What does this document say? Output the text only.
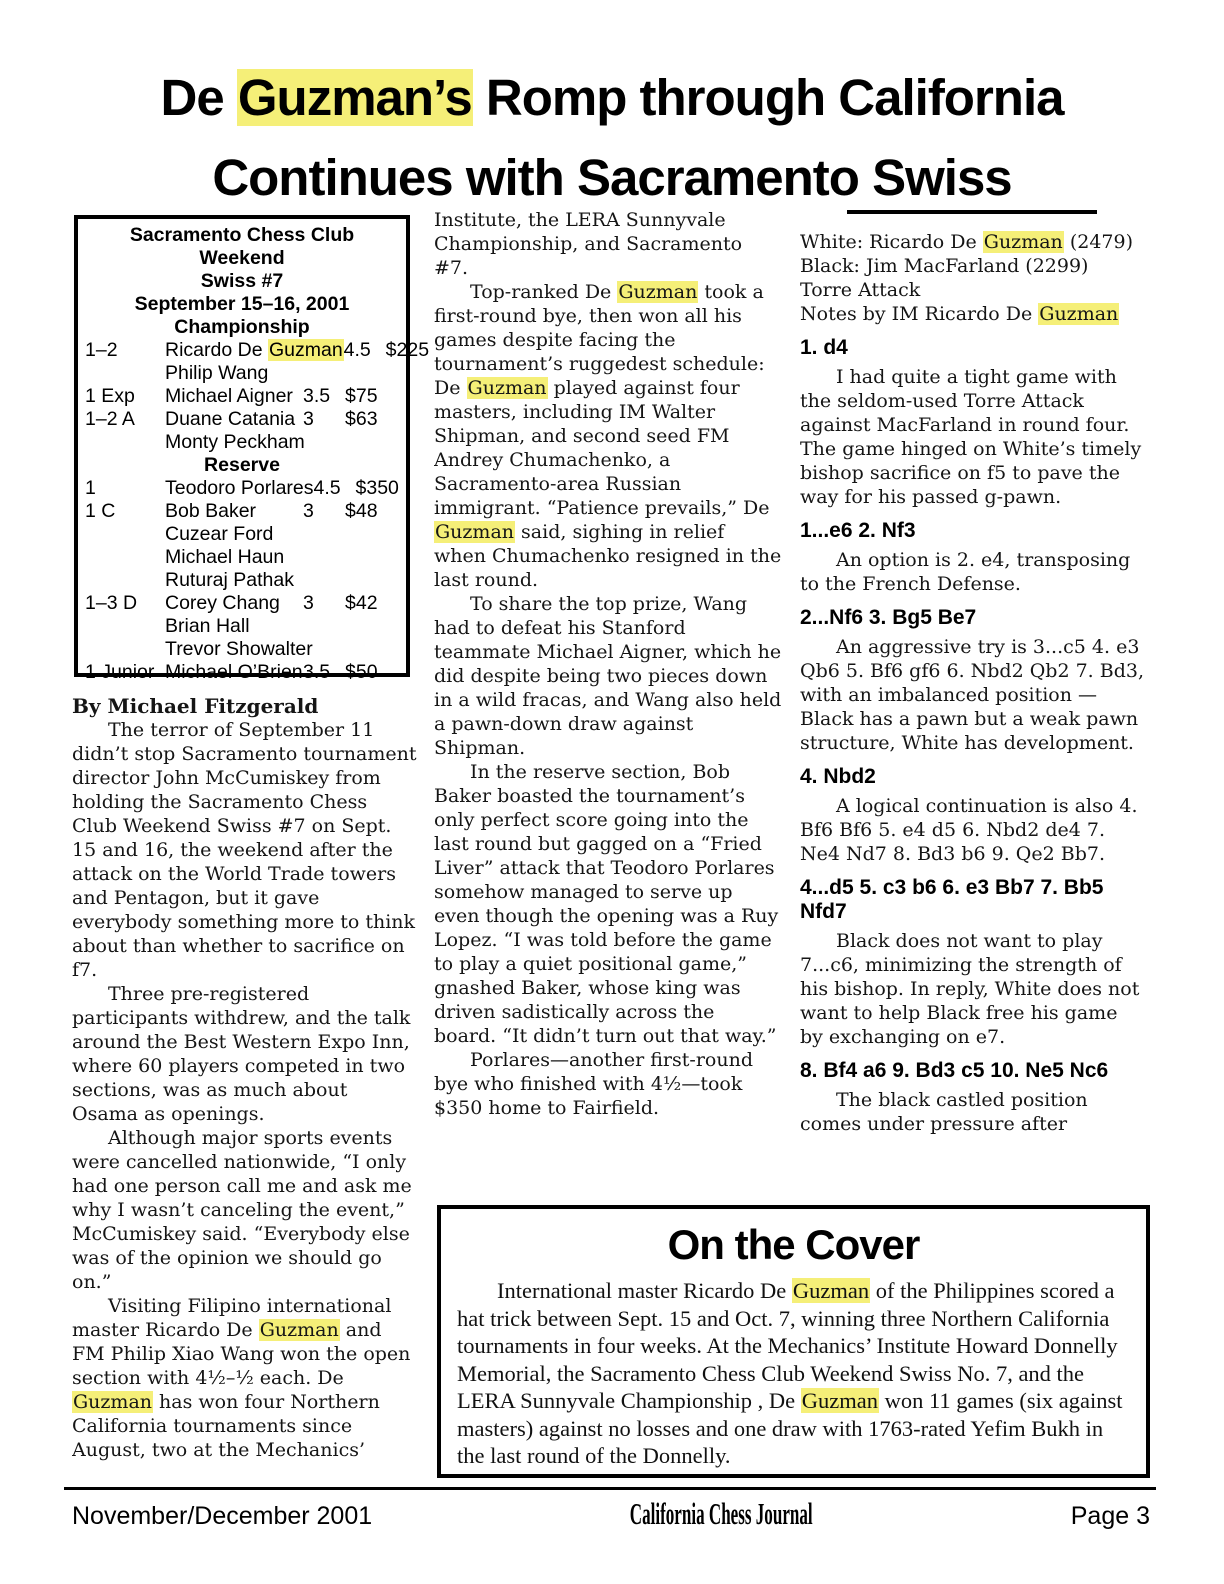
De Guzman’s Romp through California
Continues with Sacramento Swiss
Sacramento Chess Club Weekend
Swiss #7
September 15–16, 2001
Championship
1–2	Ricardo De Guzman 4.5 $225
Philip Wang
1 Exp	Michael Aigner 3.5 $75
1–2 A	Duane Catania 3	$63
Monty Peckham
Reserve
1	Teodoro Porlares 4.5 $350
1 C	Bob Baker	3	$48
Cuzear Ford
Michael Haun
Ruturaj Pathak
1–3 D	Corey Chang	3	$42
Brian Hall
Trevor Showalter
1 Junior Michael O’Brien 3.5 $50
By Michael Fitzgerald
The terror of September 11 didn’t stop Sacramento tournament director John McCumiskey from holding the Sacramento Chess Club Weekend Swiss #7 on Sept. 15 and 16, the weekend after the attack on the World Trade towers and Pentagon, but it gave everybody something more to think about than whether to sacrifice on f7.
Three pre-registered participants withdrew, and the talk around the Best Western Expo Inn, where 60 players competed in two sections, was as much about Osama as openings.
Although major sports events were cancelled nationwide, “I only had one person call me and ask me why I wasn’t canceling the event,” McCumiskey said. “Everybody else was of the opinion we should go on.”
Visiting Filipino international master Ricardo De Guzman and FM Philip Xiao Wang won the open section with 4½–½ each. De Guzman has won four Northern California tournaments since August, two at the Mechanics’
Institute, the LERA Sunnyvale Championship, and Sacramento #7.
Top-ranked De Guzman took a first-round bye, then won all his games despite facing the tournament’s ruggedest schedule: De Guzman played against four masters, including IM Walter Shipman, and second seed FM Andrey Chumachenko, a Sacramento-area Russian immigrant. “Patience prevails,” De Guzman said, sighing in relief when Chumachenko resigned in the last round.
To share the top prize, Wang had to defeat his Stanford teammate Michael Aigner, which he did despite being two pieces down in a wild fracas, and Wang also held a pawn-down draw against Shipman.
In the reserve section, Bob Baker boasted the tournament’s only perfect score going into the last round but gagged on a “Fried Liver” attack that Teodoro Porlares somehow managed to serve up even though the opening was a Ruy Lopez. “I was told before the game to play a quiet positional game,” gnashed Baker, whose king was driven sadistically across the board. “It didn’t turn out that way.”
Porlares—another first-round bye who finished with 4½—took $350 home to Fairfield.
White: Ricardo De Guzman (2479)
Black: Jim MacFarland (2299)
Torre Attack
Notes by IM Ricardo De Guzman
1. d4
I had quite a tight game with the seldom-used Torre Attack against MacFarland in round four. The game hinged on White’s timely bishop sacrifice on f5 to pave the way for his passed g-pawn.
1...e6 2. Nf3
An option is 2. e4, transposing to the French Defense.
2...Nf6 3. Bg5 Be7
An aggressive try is 3...c5 4. e3 Qb6 5. Bf6 gf6 6. Nbd2 Qb2 7. Bd3, with an imbalanced position — Black has a pawn but a weak pawn structure, White has development.
4. Nbd2
A logical continuation is also 4. Bf6 Bf6 5. e4 d5 6. Nbd2 de4 7. Ne4 Nd7 8. Bd3 b6 9. Qe2 Bb7.
4...d5 5. c3 b6 6. e3 Bb7 7. Bb5 Nfd7
Black does not want to play 7...c6, minimizing the strength of his bishop. In reply, White does not want to help Black free his game by exchanging on e7.
8. Bf4 a6 9. Bd3 c5 10. Ne5 Nc6
The black castled position comes under pressure after
On the Cover
International master Ricardo De Guzman of the Philippines scored a hat trick between Sept. 15 and Oct. 7, winning three Northern California tournaments in four weeks. At the Mechanics’ Institute Howard Donnelly Memorial, the Sacramento Chess Club Weekend Swiss No. 7, and the LERA Sunnyvale Championship , De Guzman won 11 games (six against masters) against no losses and one draw with 1763-rated Yefim Bukh in the last round of the Donnelly.
November/December 2001	California Chess Journal	Page 3
